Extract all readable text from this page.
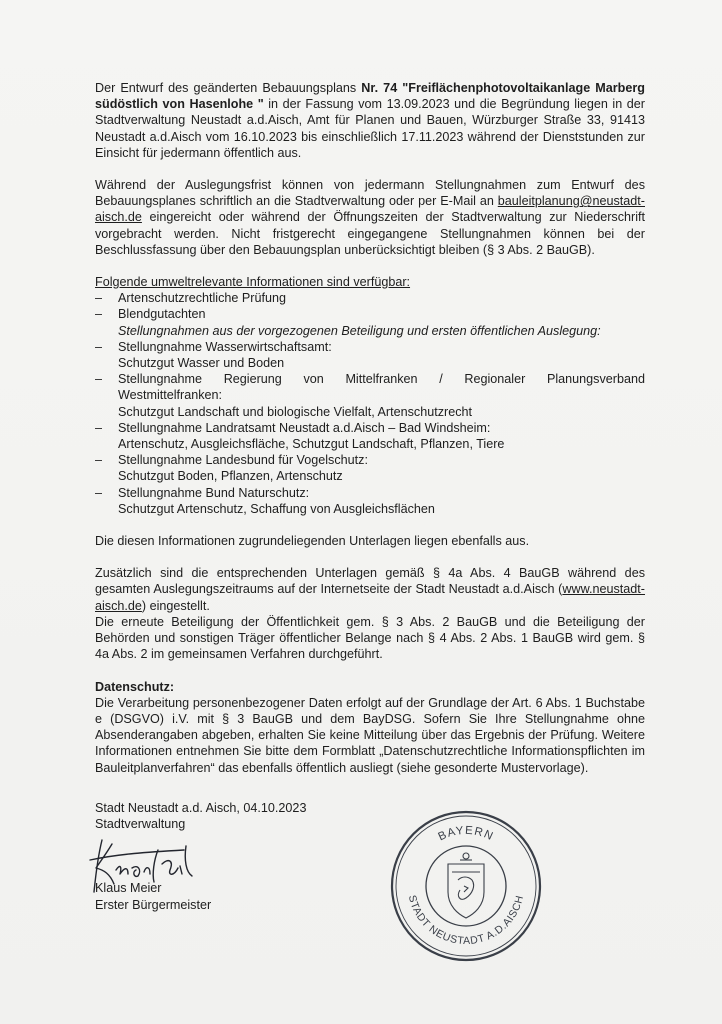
Der Entwurf des geänderten Bebauungsplans Nr. 74 "Freiflächenphotovoltaikanlage Marberg südöstlich von Hasenlohe " in der Fassung vom 13.09.2023 und die Begründung liegen in der Stadtverwaltung Neustadt a.d.Aisch, Amt für Planen und Bauen, Würzburger Straße 33, 91413 Neustadt a.d.Aisch vom 16.10.2023 bis einschließlich 17.11.2023 während der Dienststunden zur Einsicht für jedermann öffentlich aus.

Während der Auslegungsfrist können von jedermann Stellungnahmen zum Entwurf des Bebauungsplanes schriftlich an die Stadtverwaltung oder per E-Mail an bauleitplanung@neustadt-aisch.de eingereicht oder während der Öffnungszeiten der Stadtverwaltung zur Niederschrift vorgebracht werden. Nicht fristgerecht eingegangene Stellungnahmen können bei der Beschlussfassung über den Bebauungsplan unberücksichtigt bleiben (§ 3 Abs. 2 BauGB).

Folgende umweltrelevante Informationen sind verfügbar:

– Artenschutzrechtliche Prüfung
– Blendgutachten

Stellungnahmen aus der vorgezogenen Beteiligung und ersten öffentlichen Auslegung:

– Stellungnahme Wasserwirtschaftsamt:
Schutzgut Wasser und Boden
– Stellungnahme Regierung von Mittelfranken / Regionaler Planungsverband
Westmittelfranken:
Schutzgut Landschaft und biologische Vielfalt, Artenschutzrecht
– Stellungnahme Landratsamt Neustadt a.d.Aisch – Bad Windsheim:
Artenschutz, Ausgleichsfläche, Schutzgut Landschaft, Pflanzen, Tiere
– Stellungnahme Landesbund für Vogelschutz:
Schutzgut Boden, Pflanzen, Artenschutz
– Stellungnahme Bund Naturschutz:
Schutzgut Artenschutz, Schaffung von Ausgleichsflächen

Die diesen Informationen zugrundeliegenden Unterlagen liegen ebenfalls aus.

Zusätzlich sind die entsprechenden Unterlagen gemäß § 4a Abs. 4 BauGB während des gesamten Auslegungszeitraums auf der Internetseite der Stadt Neustadt a.d.Aisch (www.neustadt-aisch.de) eingestellt.

Die erneute Beteiligung der Öffentlichkeit gem. § 3 Abs. 2 BauGB und die Beteiligung der Behörden und sonstigen Träger öffentlicher Belange nach § 4 Abs. 2 Abs. 1 BauGB wird gem. § 4a Abs. 2 im gemeinsamen Verfahren durchgeführt.

Datenschutz:

Die Verarbeitung personenbezogener Daten erfolgt auf der Grundlage der Art. 6 Abs. 1 Buchstabe e (DSGVO) i.V. mit § 3 BauGB und dem BayDSG. Sofern Sie Ihre Stellungnahme ohne Absenderangaben abgeben, erhalten Sie keine Mitteilung über das Ergebnis der Prüfung. Weitere Informationen entnehmen Sie bitte dem Formblatt „Datenschutzrechtliche Informationspflichten im Bauleitplanverfahren“ das ebenfalls öffentlich ausliegt (siehe gesonderte Mustervorlage).

Stadt Neustadt a.d. Aisch, 04.10.2023
Stadtverwaltung
Klaus Meier
Erster Bürgermeister
BAYERN
STADT NEUSTADT A.D.AISCH
